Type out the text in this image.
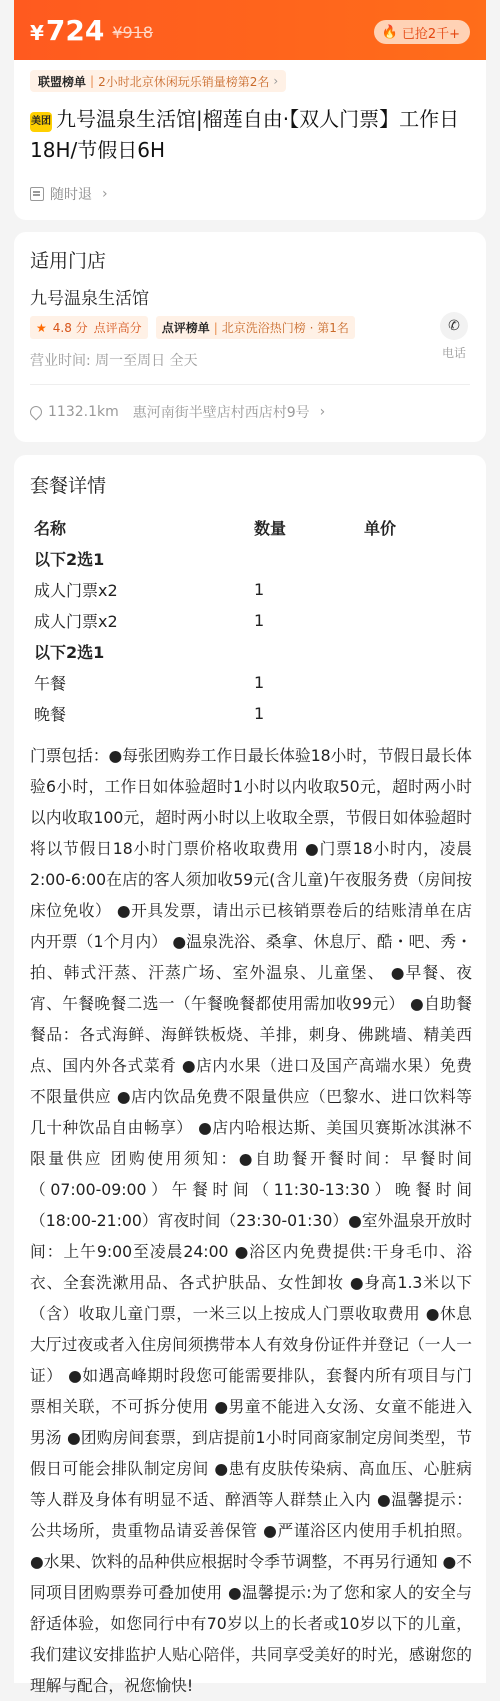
¥ 724 ¥918	🔥 已抢2千+
联盟榜单 | 2小时北京休闲玩乐销量榜第2名 ›
美团 九号温泉生活馆|榴莲自由·【双人门票】工作日18H/节假日6H
随时退 ›
适用门店
九号温泉生活馆
★ 4.8 分 点评高分 点评榜单 | 北京洗浴热门榜 · 第1名	✆
电话
营业时间: 周一至周日 全天
1132.1km 惠河南街半壁店村西店村9号 ›
套餐详情
名称	数量	单价
以下2选1
成人门票x2	1
成人门票x2	1
以下2选1
午餐	1
晚餐	1
门票包括：●每张团购券工作日最长体验18小时，节假日最长体验6小时，工作日如体验超时1小时以内收取50元，超时两小时以内收取100元，超时两小时以上收取全票，节假日如体验超时将以节假日18小时门票价格收取费用 ●门票18小时内，凌晨2:00-6:00在店的客人须加收59元(含儿童)午夜服务费（房间按床位免收） ●开具发票，请出示已核销票卷后的结账清单在店内开票（1个月内） ●温泉洗浴、桑拿、休息厅、酷・吧、秀・拍、韩式汗蒸、汗蒸广场、室外温泉、儿童堡、 ●早餐、夜宵、午餐晚餐二选一（午餐晚餐都使用需加收99元） ●自助餐餐品：各式海鲜、海鲜铁板烧、羊排，刺身、佛跳墙、精美西点、国内外各式菜肴 ●店内水果（进口及国产高端水果）免费不限量供应 ●店内饮品免费不限量供应（巴黎水、进口饮料等几十种饮品自由畅享） ●店内哈根达斯、美国贝赛斯冰淇淋不限量供应 团购使用须知：●自助餐开餐时间：早餐时间（07:00-09:00）午餐时间（11:30-13:30）晚餐时间（18:00-21:00）宵夜时间（23:30-01:30）●室外温泉开放时间：上午9:00至凌晨24:00 ●浴区内免费提供:干身毛巾、浴衣、全套洗漱用品、各式护肤品、女性卸妆 ●身高1.3米以下（含）收取儿童门票，一米三以上按成人门票收取费用 ●休息大厅过夜或者入住房间须携带本人有效身份证件并登记（一人一证） ●如遇高峰期时段您可能需要排队，套餐内所有项目与门票相关联，不可拆分使用 ●男童不能进入女汤、女童不能进入男汤 ●团购房间套票，到店提前1小时同商家制定房间类型，节假日可能会排队制定房间 ●患有皮肤传染病、高血压、心脏病等人群及身体有明显不适、醉酒等人群禁止入内 ●温馨提示：公共场所，贵重物品请妥善保管 ●严谨浴区内使用手机拍照。 ●水果、饮料的品种供应根据时令季节调整，不再另行通知 ●不同项目团购票券可叠加使用 ●温馨提示:为了您和家人的安全与舒适体验，如您同行中有70岁以上的长者或10岁以下的儿童，我们建议安排监护人贴心陪伴，共同享受美好的时光，感谢您的理解与配合，祝您愉快!
